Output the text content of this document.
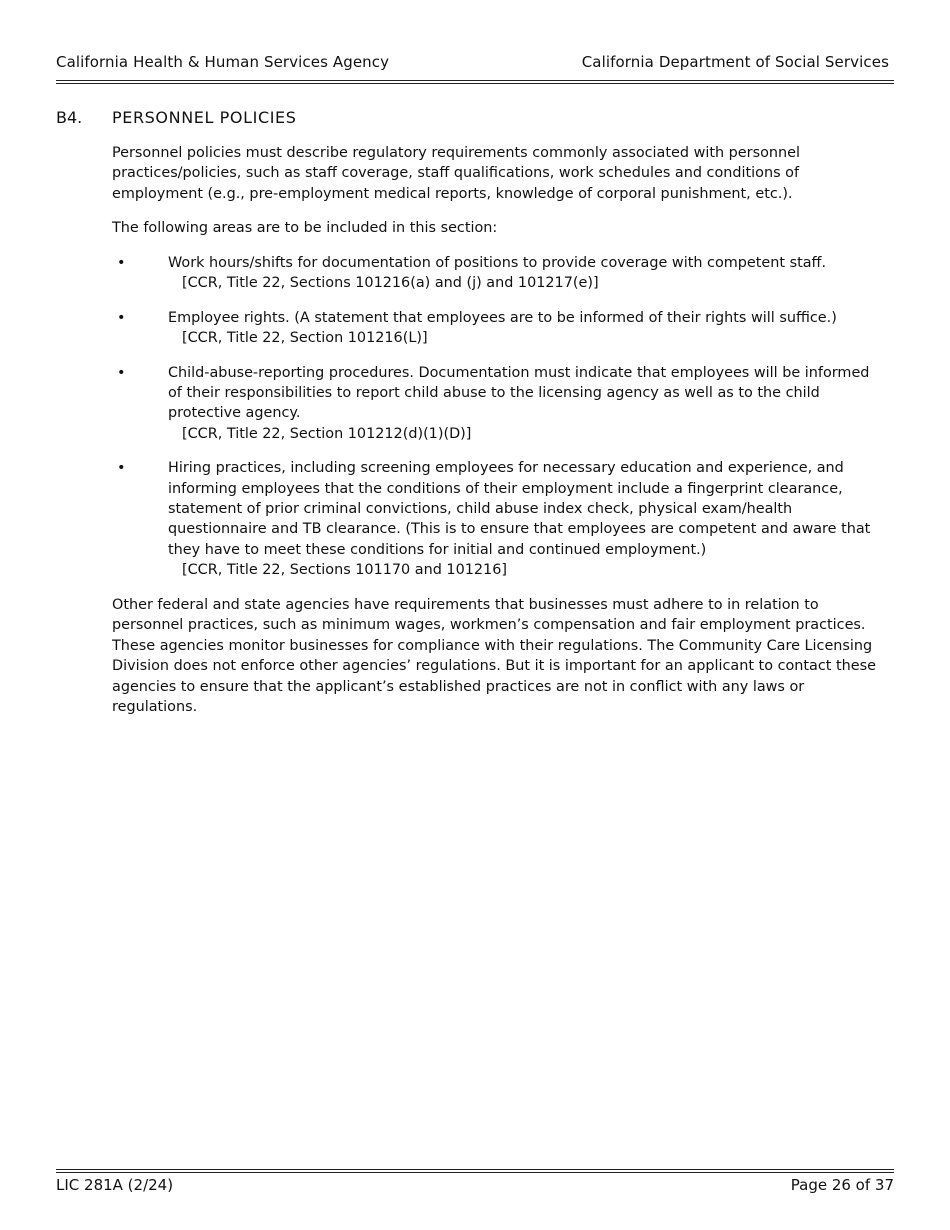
California Health & Human Services Agency	California Department of Social Services
B4. PERSONNEL POLICIES

Personnel policies must describe regulatory requirements commonly associated with personnel practices/policies, such as staff coverage, staff qualifications, work schedules and conditions of employment (e.g., pre-employment medical reports, knowledge of corporal punishment, etc.).

The following areas are to be included in this section:

•	Work hours/shifts for documentation of positions to provide coverage with competent staff.
[CCR, Title 22, Sections 101216(a) and (j) and 101217(e)]
•	Employee rights. (A statement that employees are to be informed of their rights will suffice.)
[CCR, Title 22, Section 101216(L)]
•	Child-abuse-reporting procedures. Documentation must indicate that employees will be informed of their responsibilities to report child abuse to the licensing agency as well as to the child protective agency.
[CCR, Title 22, Section 101212(d)(1)(D)]
•	Hiring practices, including screening employees for necessary education and experience, and informing employees that the conditions of their employment include a fingerprint clearance, statement of prior criminal convictions, child abuse index check, physical exam/health questionnaire and TB clearance. (This is to ensure that employees are competent and aware that they have to meet these conditions for initial and continued employment.)
[CCR, Title 22, Sections 101170 and 101216]

Other federal and state agencies have requirements that businesses must adhere to in relation to personnel practices, such as minimum wages, workmen’s compensation and fair employment practices. These agencies monitor businesses for compliance with their regulations. The Community Care Licensing Division does not enforce other agencies’ regulations. But it is important for an applicant to contact these agencies to ensure that the applicant’s established practices are not in conflict with any laws or regulations.

LIC 281A (2/24)	Page 26 of 37
